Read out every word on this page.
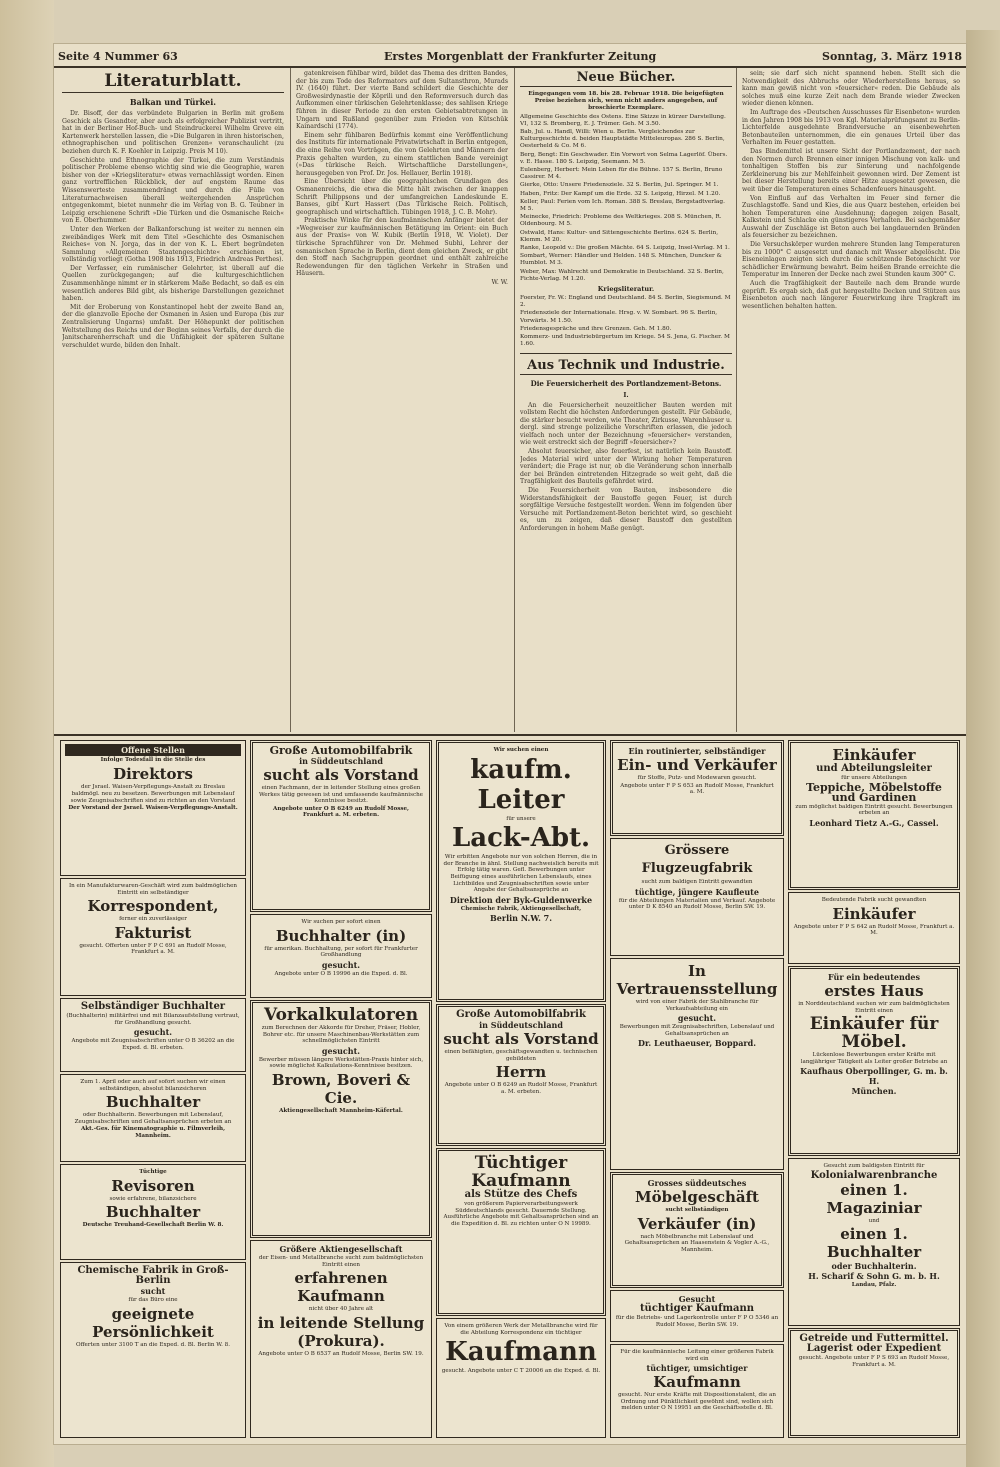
Seite 4 Nummer 63	Erstes Morgenblatt der Frankfurter Zeitung	Sonntag, 3. März 1918
Literaturblatt.
Balkan und Türkei.

Dr. Bisoff, der das verbündete Bulgarien in Berlin mit großem Geschick als Gesandter, aber auch als erfolgreicher Publizist vertritt, hat in der Berliner Hof-Buch- und Steindruckerei Wilhelm Greve ein Kartenwerk herstellen lassen, die »Die Bulgaren in ihren historischen, ethnographischen und politischen Grenzen« veranschaulicht (zu beziehen durch K. F. Koehler in Leipzig. Preis M 10).

Geschichte und Ethnographie der Türkei, die zum Verständnis politischer Probleme ebenso wichtig sind wie die Geographie, waren bisher von der »Kriegsliteratur« etwas vernachlässigt worden. Einen ganz vortrefflichen Rückblick, der auf engstem Raume das Wissenswerteste zusammendrängt und durch die Fülle von Literaturnachweisen überall weitergehenden Ansprüchen entgegenkommt, bietet nunmehr die im Verlag von B. G. Teubner in Leipzig erschienene Schrift »Die Türken und die Osmanische Reich« von E. Oberhummer.

Unter den Werken der Balkanforschung ist weiter zu nennen ein zweibändiges Werk mit dem Titel »Geschichte des Osmanischen Reiches« von N. Jorga, das in der von K. L. Ebert begründeten Sammlung »Allgemeinen Staatengeschichte« erschienen ist, vollständig vorliegt (Gotha 1908 bis 1913, Friedrich Andreas Perthes).

Der Verfasser, ein rumänischer Gelehrter, ist überall auf die Quellen zurückgegangen; auf die kulturgeschichtlichen Zusammenhänge nimmt er in stärkerem Maße Bedacht, so daß es ein wesentlich anderes Bild gibt, als bisherige Darstellungen gezeichnet haben.

Mit der Eroberung von Konstantinopel hebt der zweite Band an, der die glanzvolle Epoche der Osmanen in Asien und Europa (bis zur Zentralisierung Ungarns) umfaßt. Der Höhepunkt der politischen Weltstellung des Reichs und der Beginn seines Verfalls, der durch die Janitscharenherrschaft und die Unfähigkeit der späteren Sultane verschuldet wurde, bilden den Inhalt.

gatenkreisen fühlbar wird, bildet das Thema des dritten Bandes, der bis zum Tode des Reformators auf dem Sultansthron, Murads IV. (1640) führt. Der vierte Band schildert die Geschichte der Großwesirdynastie der Köprili und den Reformversuch durch das Aufkommen einer türkischen Gelehrtenklasse; des sahlisen Kriege führen in dieser Periode zu den ersten Gebietsabtretungen in Ungarn und Rußland gegenüber zum Frieden von Kütschük Kainardschi (1774).

Einem sehr fühlbaren Bedürfnis kommt eine Veröffentlichung des Instituts für internationale Privatwirtschaft in Berlin entgegen, die eine Reihe von Vorträgen, die von Gelehrten und Männern der Praxis gehalten wurden, zu einem stattlichen Bande vereinigt (»Das türkische Reich. Wirtschaftliche Darstellungen«, herausgegeben von Prof. Dr. Jos. Hellauer, Berlin 1918).

Eine Übersicht über die geographischen Grundlagen des Osmanenreichs, die etwa die Mitte hält zwischen der knappen Schrift Philippsons und der umfangreichen Landeskunde E. Banses, gibt Kurt Hassert (Das Türkische Reich. Politisch, geographisch und wirtschaftlich. Tübingen 1918, J. C. B. Mohr).

Praktische Winke für den kaufmännischen Anfänger bietet der »Wegweiser zur kaufmännischen Betätigung im Orient: ein Buch aus der Praxis« von W. Kubik (Berlin 1918, W. Violet). Der türkische Sprachführer von Dr. Mehmed Subhi, Lehrer der osmanischen Sprache in Berlin, dient dem gleichen Zweck, er gibt den Stoff nach Sachgruppen geordnet und enthält zahlreiche Redewendungen für den täglichen Verkehr in Straßen und Häusern.

W. W.

Neue Bücher.
Eingegangen vom 18. bis 28. Februar 1918. Die beigefügten Preise beziehen sich, wenn nicht anders angegeben, auf broschierte Exemplare.
Allgemeine Geschichte des Ostens. Eine Skizze in kürzer Darstellung. VI, 132 S. Bromberg, E. J. Trümer. Geh. M 3.50.
Bab, Jul. u. Handl, Willi: Wien u. Berlin. Vergleichendes zur Kulturgeschichte d. beiden Hauptstädte Mitteleuropas. 286 S. Berlin, Oesterheld & Co. M 6.
Berg, Bengt: Ein Geschwader. Ein Vorwort von Selma Lagerlöf. Übers. v. E. Hasse. 180 S. Leipzig, Seemann. M 5.
Eulenberg, Herbert: Mein Leben für die Bühne. 157 S. Berlin, Bruno Cassirer. M 4.
Gierke, Otto: Unsere Friedensziele. 32 S. Berlin, Jul. Springer. M 1.
Haben, Fritz: Der Kampf um die Erde. 32 S. Leipzig, Hirzel. M 1.20.
Keller, Paul: Ferien vom Ich. Roman. 388 S. Breslau, Bergstadtverlag. M 5.
Meinecke, Friedrich: Probleme des Weltkrieges. 208 S. München, R. Oldenbourg. M 5.
Ostwald, Hans: Kultur- und Sittengeschichte Berlins. 624 S. Berlin, Klemm. M 20.
Ranke, Leopold v.: Die großen Mächte. 64 S. Leipzig, Insel-Verlag. M 1.
Sombart, Werner: Händler und Helden. 148 S. München, Duncker & Humblot. M 3.
Weber, Max: Wahlrecht und Demokratie in Deutschland. 32 S. Berlin, Fichte-Verlag. M 1.20.
Kriegsliteratur.
Foerster, Fr. W.: England und Deutschland. 84 S. Berlin, Siegismund. M 2.
Friedensziele der Internationale. Hrsg. v. W. Sombart. 96 S. Berlin, Vorwärts. M 1.50.
Friedensgespräche und ihre Grenzen. Geh. M 1.80.
Kommerz- und Industriebürgertum im Kriege. 54 S. Jena, G. Fischer. M 1.60.
Aus Technik und Industrie.
Die Feuersicherheit des Portlandzement-Betons.
I.

An die Feuersicherheit neuzeitlicher Bauten werden mit vollstem Recht die höchsten Anforderungen gestellt. Für Gebäude, die stärker besucht werden, wie Theater, Zirkusse, Warenhäuser u. dergl. sind strenge polizeiliche Vorschriften erlassen, die jedoch vielfach noch unter der Bezeichnung »feuersicher« verstanden, wie weit erstreckt sich der Begriff »feuersicher«?

Absolut feuersicher, also feuerfest, ist natürlich kein Baustoff. Jedes Material wird unter der Wirkung hoher Temperaturen verändert; die Frage ist nur, ob die Veränderung schon innerhalb der bei Bränden eintretenden Hitzegrade so weit geht, daß die Tragfähigkeit des Bauteils gefährdet wird.

Die Feuersicherheit von Bauten, insbesondere die Widerstandsfähigkeit der Baustoffe gegen Feuer, ist durch sorgfältige Versuche festgestellt worden. Wenn im folgenden über Versuche mit Portlandzement-Beton berichtet wird, so geschieht es, um zu zeigen, daß dieser Baustoff den gestellten Anforderungen in hohem Maße genügt.

sein; sie darf sich nicht spannend heben. Stellt sich die Notwendigkeit des Abbruchs oder Wiederherstellens heraus, so kann man gewiß nicht von »feuersicher« reden. Die Gebäude als solches muß eine kurze Zeit nach dem Brande wieder Zwecken wieder dienen können.

Im Auftrage des »Deutschen Ausschusses für Eisenbeton« wurden in den Jahren 1908 bis 1913 von Kgl. Materialprüfungsamt zu Berlin-Lichterfelde ausgedehnte Brandversuche an eisenbewehrten Betonbauteilen unternommen, die ein genaues Urteil über das Verhalten im Feuer gestatten.

Das Bindemittel ist unsere Sicht der Portlandzement, der nach den Normen durch Brennen einer innigen Mischung von kalk- und tonhaltigen Stoffen bis zur Sinterung und nachfolgende Zerkleinerung bis zur Mehlfeinheit gewonnen wird. Der Zement ist bei dieser Herstellung bereits einer Hitze ausgesetzt gewesen, die weit über die Temperaturen eines Schadenfeuers hinausgeht.

Von Einfluß auf das Verhalten im Feuer sind ferner die Zuschlagstoffe. Sand und Kies, die aus Quarz bestehen, erleiden bei hohen Temperaturen eine Ausdehnung; dagegen zeigen Basalt, Kalkstein und Schlacke ein günstigeres Verhalten. Bei sachgemäßer Auswahl der Zuschläge ist Beton auch bei langdauernden Bränden als feuersicher zu bezeichnen.

Die Versuchskörper wurden mehrere Stunden lang Temperaturen bis zu 1000° C ausgesetzt und danach mit Wasser abgelöscht. Die Eiseneinlagen zeigten sich durch die schützende Betonschicht vor schädlicher Erwärmung bewahrt. Beim heißen Brande erreichte die Temperatur im Inneren der Decke nach zwei Stunden kaum 300° C.

Auch die Tragfähigkeit der Bauteile nach dem Brande wurde geprüft. Es ergab sich, daß gut hergestellte Decken und Stützen aus Eisenbeton auch nach längerer Feuerwirkung ihre Tragkraft im wesentlichen behalten hatten.

Offene Stellen
Infolge Todesfall in die Stelle des
Direktors
der Jsrael. Waisen-Verpflegungs-Anstalt zu Breslau
baldmögl. neu zu besetzen. Bewerbungen mit Lebenslauf sowie Zeugnisabschriften sind zu richten an den Vorstand
Der Vorstand der Jsrael. Waisen-Verpflegungs-Anstalt.
In ein Manufakturwaren-Geschäft wird zum baldmöglichen Eintritt ein selbständiger
Korrespondent,
ferner ein zuverlässiger
Fakturist
gesucht. Offerten unter F P C 691 an Rudolf Mosse, Frankfurt a. M.
Selbständiger Buchhalter
(Buchhalterin) militärfrei und mit Bilanzaufstellung vertraut, für Großhandlung gesucht.
gesucht.
Angebote mit Zeugnisabschriften unter O B 36202 an die Exped. d. Bl. erbeten.
Zum 1. April oder auch auf sofort suchen wir einen selbständigen, absolut bilanzsicheren
Buchhalter
oder Buchhalterin. Bewerbungen mit Lebenslauf, Zeugnisabschriften und Gehaltsansprüchen erbeten an
Akt.-Ges. für Kinematographie u. Filmverleih, Mannheim.
Tüchtige
Revisoren
sowie erfahrene, bilanzsichere
Buchhalter
Deutsche Treuhand-Gesellschaft Berlin W. 8.
Chemische Fabrik in Groß-Berlin
sucht
für das Büro eine
geeignete Persönlichkeit
Offerten unter 3100 T an die Exped. d. Bl. Berlin W. 8.
Große Automobilfabrik
in Süddeutschland
sucht als Vorstand
einen Fachmann, der in leitender Stellung eines großen Werkes tätig gewesen ist und umfassende kaufmännische Kenntnisse besitzt.
Angebote unter O B 6249 an Rudolf Mosse, Frankfurt a. M. erbeten.
Wir suchen per sofort einen
Buchhalter (in)
für amerikan. Buchhaltung, per sofort für Frankfurter Großhandlung
gesucht.
Angebote unter O B 19996 an die Exped. d. Bl.
Vorkalkulatoren
zum Berechnen der Akkorde für Dreher, Fräser, Hobler, Bohrer etc. für unsere Maschinenbau-Werkstätten zum schnellmöglichsten Eintritt
gesucht.
Bewerber müssen längere Werkstätten-Praxis hinter sich, sowie möglichst Kalkulations-Kenntnisse besitzen.
Brown, Boveri & Cie.
Aktiengesellschaft Mannheim-Käfertal.
Größere Aktiengesellschaft
der Eisen- und Metallbranche sucht zum baldmöglichsten Eintritt einen
erfahrenen Kaufmann
nicht über 40 Jahre alt
in leitende Stellung (Prokura).
Angebote unter O B 6537 an Rudolf Mosse, Berlin SW. 19.
Wir suchen einen
kaufm. Leiter
für unsere
Lack-Abt.
Wir erbitten Angebote nur von solchen Herren, die in der Branche in ähnl. Stellung nachweislich bereits mit Erfolg tätig waren. Gefl. Bewerbungen unter Beifügung eines ausführlichen Lebenslaufs, eines Lichtbildes und Zeugnisabschriften sowie unter Angabe der Gehaltsansprüche an
Direktion der Byk-Guldenwerke
Chemische Fabrik, Aktiengesellschaft,
Berlin N.W. 7.
Große Automobilfabrik
in Süddeutschland
sucht als Vorstand
einen befähigten, geschäftsgewandten u. technischen gebildeten
Herrn
Angebote unter O B 6249 an Rudolf Mosse, Frankfurt a. M. erbeten.
Tüchtiger Kaufmann
als Stütze des Chefs
von größerem Papierverarbeitungswerk Süddeutschlands gesucht. Dauernde Stellung. Ausführliche Angebote mit Gehaltsansprüchen sind an die Expedition d. Bl. zu richten unter O N 19989.
Von einem größeren Werk der Metallbranche wird für die Abteilung Korrespondenz ein tüchtiger
Kaufmann
gesucht. Angebote unter C T 20006 an die Exped. d. Bl.
Ein routinierter, selbständiger
Ein- und Verkäufer
für Stoffe, Putz- und Modewaren gesucht.
Angebote unter F P S 653 an Rudolf Mosse, Frankfurt a. M.
Grössere Flugzeugfabrik
sucht zum baldigen Eintritt gewandten
tüchtige, jüngere Kaufleute
für die Abteilungen Materialien und Verkauf. Angebote unter D K 8540 an Rudolf Mosse, Berlin SW. 19.
In Vertrauensstellung
wird von einer Fabrik der Stahlbranche für Verkaufsabteilung ein
gesucht.
Bewerbungen mit Zeugnisabschriften, Lebenslauf und Gehaltsansprüchen an
Dr. Leuthaeuser, Boppard.
Grosses süddeutsches
Möbelgeschäft
sucht selbständigen
Verkäufer (in)
nach Möbelbranche mit Lebenslauf und Gehaltsansprüchen an Haasenstein & Vogler A.-G., Mannheim.
Gesucht
tüchtiger Kaufmann
für die Betriebs- und Lagerkontrolle unter F P O 5346 an Rudolf Mosse, Berlin SW. 19.
Für die kaufmännische Leitung einer größeren Fabrik wird ein
tüchtiger, umsichtiger
Kaufmann
gesucht. Nur erste Kräfte mit Dispositionstalent, die an Ordnung und Pünktlichkeit gewöhnt sind, wollen sich melden unter O N 19951 an die Geschäftsstelle d. Bl.
Einkäufer
und Abteilungsleiter
für unsere Abteilungen
Teppiche, Möbelstoffe
und Gardinen
zum möglichst baldigen Eintritt gesucht. Bewerbungen erbeten an
Leonhard Tietz A.-G., Cassel.
Bedeutende Fabrik sucht gewandten
Einkäufer
Angebote unter F P S 642 an Rudolf Mosse, Frankfurt a. M.
Für ein bedeutendes
erstes Haus
in Norddeutschland suchen wir zum baldmöglichsten Eintritt einen
Einkäufer für Möbel.
Lückenlose Bewerbungen erster Kräfte mit langjähriger Tätigkeit als Leiter großer Betriebe an
Kaufhaus Oberpollinger, G. m. b. H.
München.
Gesucht zum baldigsten Eintritt für
Kolonialwarenbranche
einen 1. Magaziniar
und
einen 1. Buchhalter
oder Buchhalterin.
H. Scharif & Sohn G. m. b. H.
Landau, Pfalz.
Getreide und Futtermittel.
Lagerist oder Expedient
gesucht. Angebote unter F P S 693 an Rudolf Mosse, Frankfurt a. M.
